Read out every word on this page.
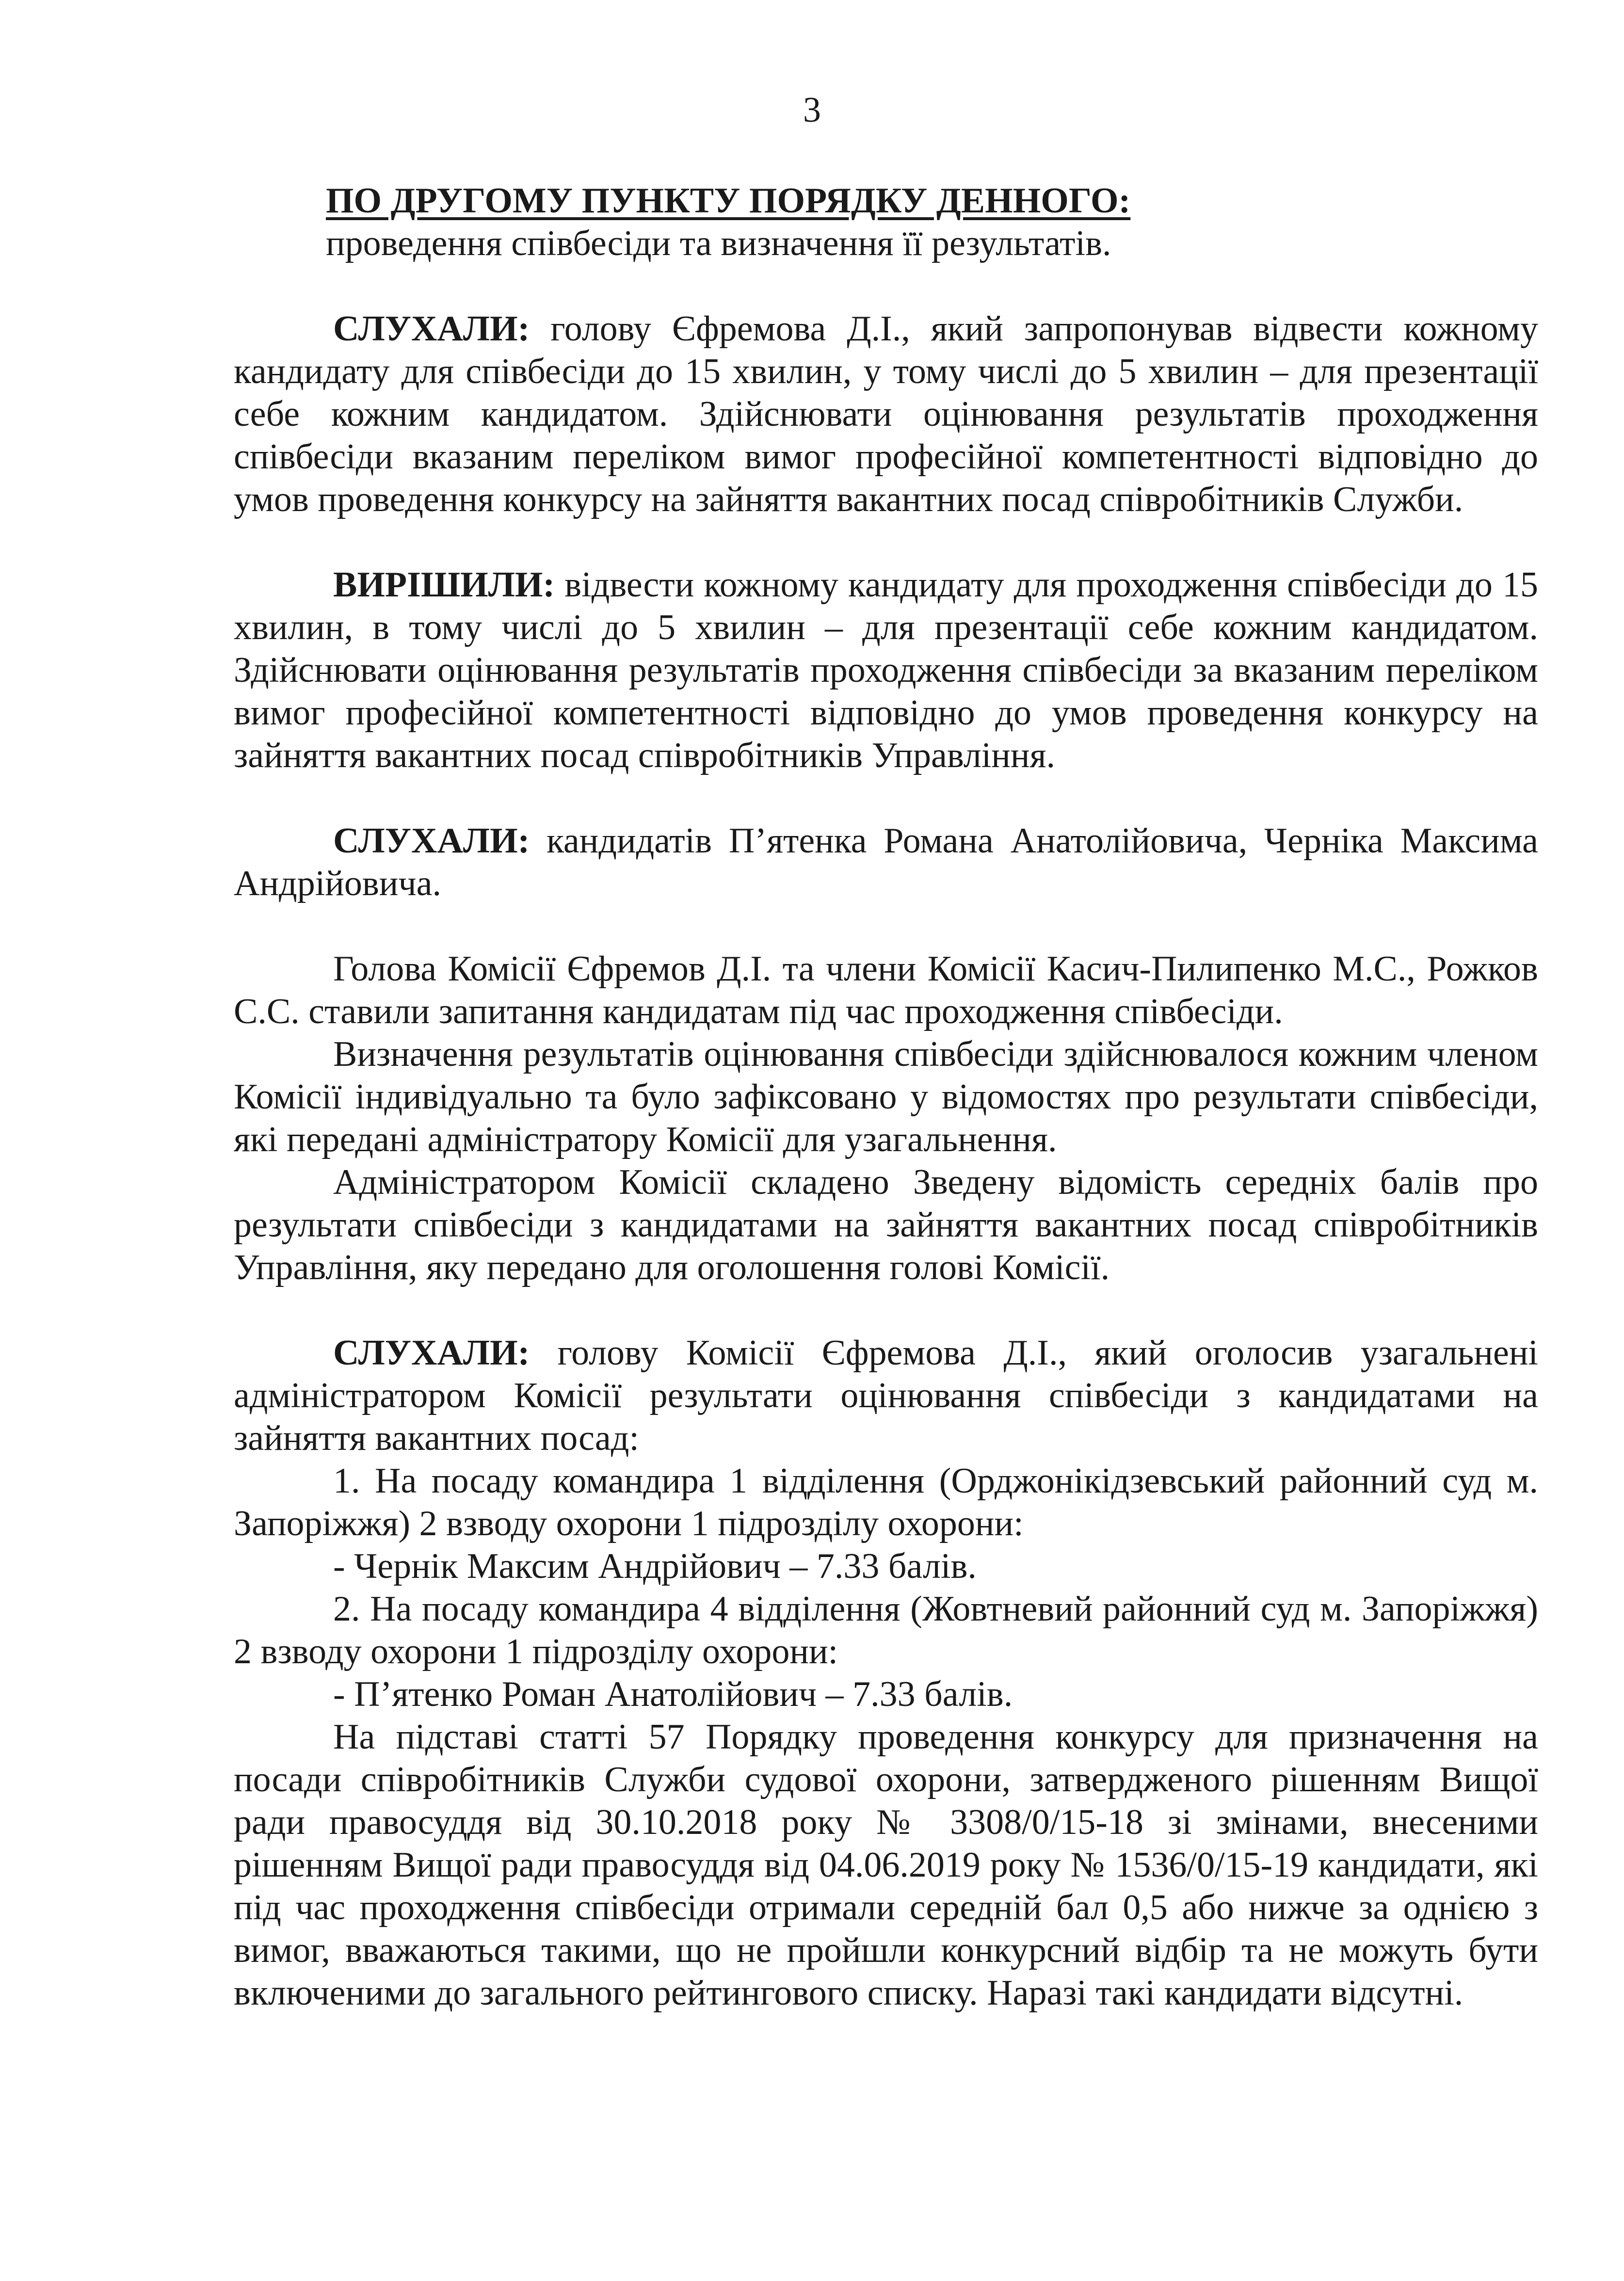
3
ПО ДРУГОМУ ПУНКТУ ПОРЯДКУ ДЕННОГО:
проведення співбесіди та визначення її результатів.

СЛУХАЛИ: голову Єфремова Д.І., який запропонував відвести кожному кандидату для співбесіди до 15 хвилин, у тому числі до 5 хвилин – для презентації себе кожним кандидатом. Здійснювати оцінювання результатів проходження співбесіди вказаним переліком вимог професійної компетентності відповідно до умов проведення конкурсу на зайняття вакантних посад співробітників Служби.

ВИРІШИЛИ: відвести кожному кандидату для проходження співбесіди до 15 хвилин, в тому числі до 5 хвилин – для презентації себе кожним кандидатом. Здійснювати оцінювання результатів проходження співбесіди за вказаним переліком вимог професійної компетентності відповідно до умов проведення конкурсу на зайняття вакантних посад співробітників Управління.

СЛУХАЛИ: кандидатів П’ятенка Романа Анатолійовича, Черніка Максима Андрійовича.

Голова Комісії Єфремов Д.І. та члени Комісії Касич-Пилипенко М.С., Рожков С.С. ставили запитання кандидатам під час проходження співбесіди.

Визначення результатів оцінювання співбесіди здійснювалося кожним членом Комісії індивідуально та було зафіксовано у відомостях про результати співбесіди, які передані адміністратору Комісії для узагальнення.

Адміністратором Комісії складено Зведену відомість середніх балів про результати співбесіди з кандидатами на зайняття вакантних посад співробітників Управління, яку передано для оголошення голові Комісії.

СЛУХАЛИ: голову Комісії Єфремова Д.І., який оголосив узагальнені адміністратором Комісії результати оцінювання співбесіди з кандидатами на зайняття вакантних посад:

1. На посаду командира 1 відділення (Орджонікідзевський районний суд м. Запоріжжя) 2 взводу охорони 1 підрозділу охорони:

- Чернік Максим Андрійович – 7.33 балів.

2. На посаду командира 4 відділення (Жовтневий районний суд м. Запоріжжя) 2 взводу охорони 1 підрозділу охорони:

- П’ятенко Роман Анатолійович – 7.33 балів.

На підставі статті 57 Порядку проведення конкурсу для призначення на посади співробітників Служби судової охорони, затвердженого рішенням Вищої ради правосуддя від 30.10.2018 року № 3308/0/15-18 зі змінами, внесеними рішенням Вищої ради правосуддя від 04.06.2019 року № 1536/0/15-19 кандидати, які під час проходження співбесіди отримали середній бал 0,5 або нижче за однією з вимог, вважаються такими, що не пройшли конкурсний відбір та не можуть бути включеними до загального рейтингового списку. Наразі такі кандидати відсутні.
